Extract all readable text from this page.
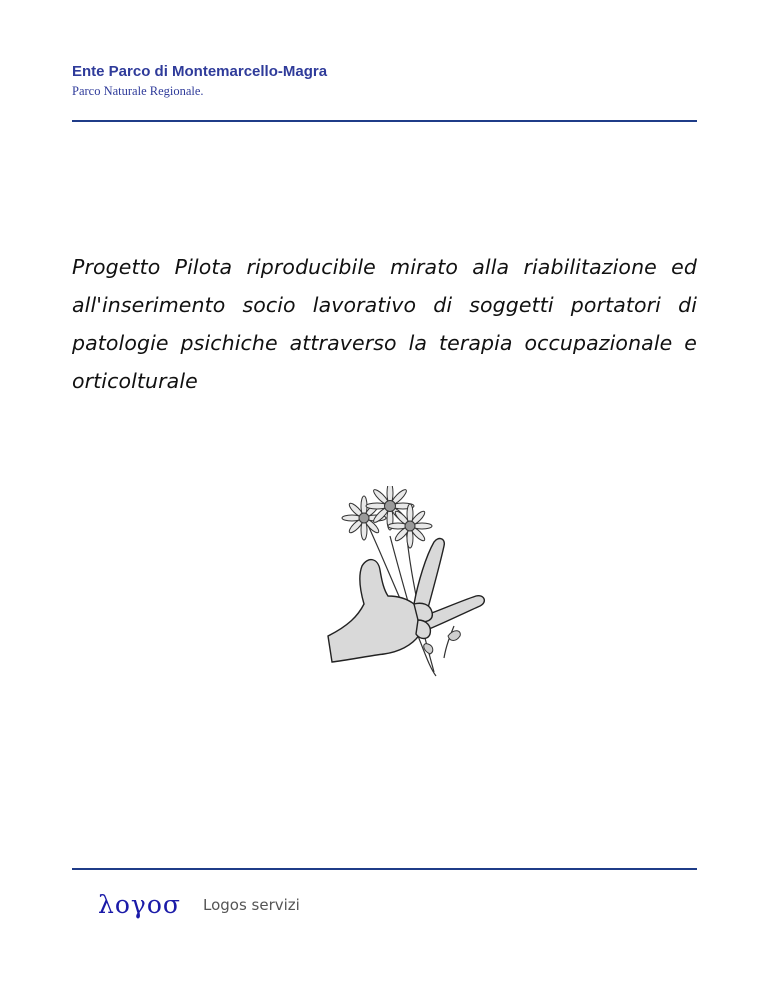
Ente Parco di Montemarcello-Magra

Parco Naturale Regionale.

Progetto Pilota riproducibile mirato alla riabilitazione ed all'inserimento socio lavorativo di soggetti portatori di patologie psichiche attraverso la terapia occupazionale e orticolturale

λογοσ Logos servizi
